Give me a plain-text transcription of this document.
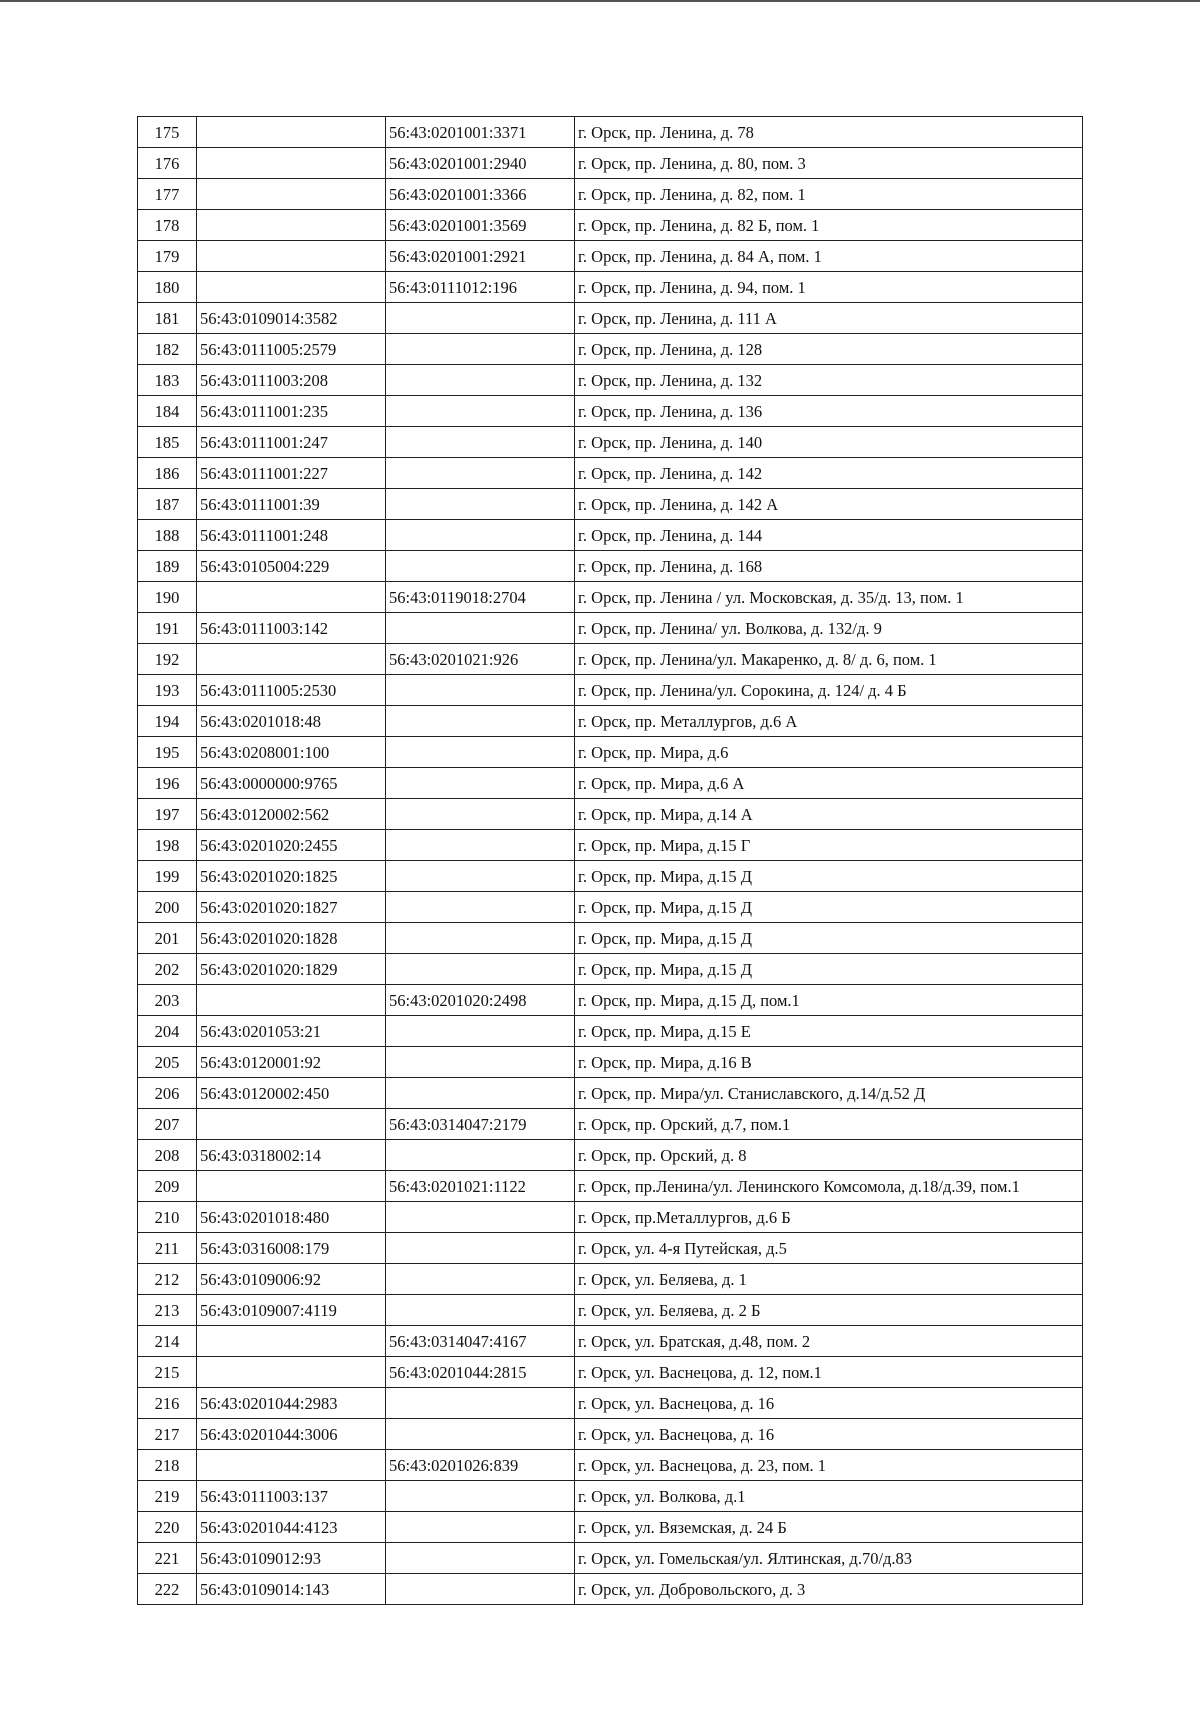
175		56:43:0201001:3371	г. Орск, пр. Ленина, д. 78
176		56:43:0201001:2940	г. Орск, пр. Ленина, д. 80, пом. 3
177		56:43:0201001:3366	г. Орск, пр. Ленина, д. 82, пом. 1
178		56:43:0201001:3569	г. Орск, пр. Ленина, д. 82 Б, пом. 1
179		56:43:0201001:2921	г. Орск, пр. Ленина, д. 84 А, пом. 1
180		56:43:0111012:196	г. Орск, пр. Ленина, д. 94, пом. 1
181	56:43:0109014:3582		г. Орск, пр. Ленина, д. 111 А
182	56:43:0111005:2579		г. Орск, пр. Ленина, д. 128
183	56:43:0111003:208		г. Орск, пр. Ленина, д. 132
184	56:43:0111001:235		г. Орск, пр. Ленина, д. 136
185	56:43:0111001:247		г. Орск, пр. Ленина, д. 140
186	56:43:0111001:227		г. Орск, пр. Ленина, д. 142
187	56:43:0111001:39		г. Орск, пр. Ленина, д. 142 А
188	56:43:0111001:248		г. Орск, пр. Ленина, д. 144
189	56:43:0105004:229		г. Орск, пр. Ленина, д. 168
190		56:43:0119018:2704	г. Орск, пр. Ленина / ул. Московская, д. 35/д. 13, пом. 1
191	56:43:0111003:142		г. Орск, пр. Ленина/ ул. Волкова, д. 132/д. 9
192		56:43:0201021:926	г. Орск, пр. Ленина/ул. Макаренко, д. 8/ д. 6, пом. 1
193	56:43:0111005:2530		г. Орск, пр. Ленина/ул. Сорокина, д. 124/ д. 4 Б
194	56:43:0201018:48		г. Орск, пр. Металлургов, д.6 А
195	56:43:0208001:100		г. Орск, пр. Мира, д.6
196	56:43:0000000:9765		г. Орск, пр. Мира, д.6 А
197	56:43:0120002:562		г. Орск, пр. Мира, д.14 А
198	56:43:0201020:2455		г. Орск, пр. Мира, д.15 Г
199	56:43:0201020:1825		г. Орск, пр. Мира, д.15 Д
200	56:43:0201020:1827		г. Орск, пр. Мира, д.15 Д
201	56:43:0201020:1828		г. Орск, пр. Мира, д.15 Д
202	56:43:0201020:1829		г. Орск, пр. Мира, д.15 Д
203		56:43:0201020:2498	г. Орск, пр. Мира, д.15 Д, пом.1
204	56:43:0201053:21		г. Орск, пр. Мира, д.15 Е
205	56:43:0120001:92		г. Орск, пр. Мира, д.16 В
206	56:43:0120002:450		г. Орск, пр. Мира/ул. Станиславского, д.14/д.52 Д
207		56:43:0314047:2179	г. Орск, пр. Орский, д.7, пом.1
208	56:43:0318002:14		г. Орск, пр. Орский, д. 8
209		56:43:0201021:1122	г. Орск, пр.Ленина/ул. Ленинского Комсомола, д.18/д.39, пом.1
210	56:43:0201018:480		г. Орск, пр.Металлургов, д.6 Б
211	56:43:0316008:179		г. Орск, ул. 4-я Путейская, д.5
212	56:43:0109006:92		г. Орск, ул. Беляева, д. 1
213	56:43:0109007:4119		г. Орск, ул. Беляева, д. 2 Б
214		56:43:0314047:4167	г. Орск, ул. Братская, д.48, пом. 2
215		56:43:0201044:2815	г. Орск, ул. Васнецова, д. 12, пом.1
216	56:43:0201044:2983		г. Орск, ул. Васнецова, д. 16
217	56:43:0201044:3006		г. Орск, ул. Васнецова, д. 16
218		56:43:0201026:839	г. Орск, ул. Васнецова, д. 23, пом. 1
219	56:43:0111003:137		г. Орск, ул. Волкова, д.1
220	56:43:0201044:4123		г. Орск, ул. Вяземская, д. 24 Б
221	56:43:0109012:93		г. Орск, ул. Гомельская/ул. Ялтинская, д.70/д.83
222	56:43:0109014:143		г. Орск, ул. Добровольского, д. 3
